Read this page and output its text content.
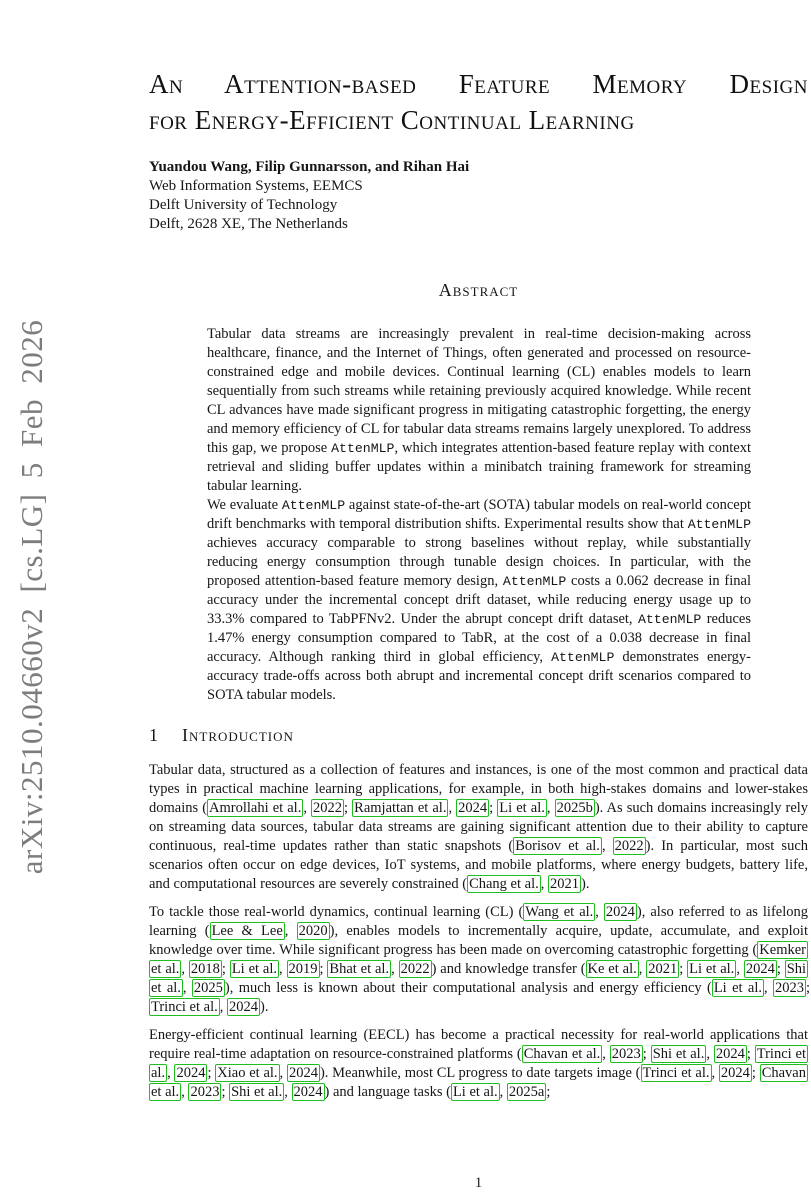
arXiv:2510.04660v2 [cs.LG] 5 Feb 2026
An Attention-based Feature Memory Design
for Energy-Efficient Continual Learning
Yuandou Wang, Filip Gunnarsson, and Rihan Hai
Web Information Systems, EEMCS
Delft University of Technology
Delft, 2628 XE, The Netherlands
Abstract

Tabular data streams are increasingly prevalent in real-time decision-making across healthcare, finance, and the Internet of Things, often generated and processed on resource-constrained edge and mobile devices. Continual learning (CL) enables models to learn sequentially from such streams while retaining previously acquired knowledge. While recent CL advances have made significant progress in mitigating catastrophic forgetting, the energy and memory efficiency of CL for tabular data streams remains largely unexplored. To address this gap, we propose AttenMLP, which integrates attention-based feature replay with context retrieval and sliding buffer updates within a minibatch training framework for streaming tabular learning.

We evaluate AttenMLP against state-of-the-art (SOTA) tabular models on real-world concept drift benchmarks with temporal distribution shifts. Experimental results show that AttenMLP achieves accuracy comparable to strong baselines without replay, while substantially reducing energy consumption through tunable design choices. In particular, with the proposed attention-based feature memory design, AttenMLP costs a 0.062 decrease in final accuracy under the incremental concept drift dataset, while reducing energy usage up to 33.3% compared to TabPFNv2. Under the abrupt concept drift dataset, AttenMLP reduces 1.47% energy consumption compared to TabR, at the cost of a 0.038 decrease in final accuracy. Although ranking third in global efficiency, AttenMLP demonstrates energy-accuracy trade-offs across both abrupt and incremental concept drift scenarios compared to SOTA tabular models.

1 Introduction

Tabular data, structured as a collection of features and instances, is one of the most common and practical data types in practical machine learning applications, for example, in both high-stakes domains and lower-stakes domains ( Amrollahi et al. , 2022 ; Ramjattan et al. , 2024 ; Li et al. , 2025b ). As such domains increasingly rely on streaming data sources, tabular data streams are gaining significant attention due to their ability to capture continuous, real-time updates rather than static snapshots ( Borisov et al. , 2022 ). In particular, most such scenarios often occur on edge devices, IoT systems, and mobile platforms, where energy budgets, battery life, and computational resources are severely constrained ( Chang et al. , 2021 ).

To tackle those real-world dynamics, continual learning (CL) ( Wang et al. , 2024 ), also referred to as lifelong learning ( Lee & Lee , 2020 ), enables models to incrementally acquire, update, accumulate, and exploit knowledge over time. While significant progress has been made on overcoming catastrophic forgetting ( Kemker et al. , 2018 ; Li et al. , 2019 ; Bhat et al. , 2022 ) and knowledge transfer ( Ke et al. , 2021 ; Li et al. , 2024 ; Shi et al. , 2025 ), much less is known about their computational analysis and energy efficiency ( Li et al. , 2023 ; Trinci et al. , 2024 ).

Energy-efficient continual learning (EECL) has become a practical necessity for real-world applications that require real-time adaptation on resource-constrained platforms ( Chavan et al. , 2023 ; Shi et al. , 2024 ; Trinci et al. , 2024 ; Xiao et al. , 2024 ). Meanwhile, most CL progress to date targets image ( Trinci et al. , 2024 ; Chavan et al. , 2023 ; Shi et al. , 2024 ) and language tasks ( Li et al. , 2025a ;

1
